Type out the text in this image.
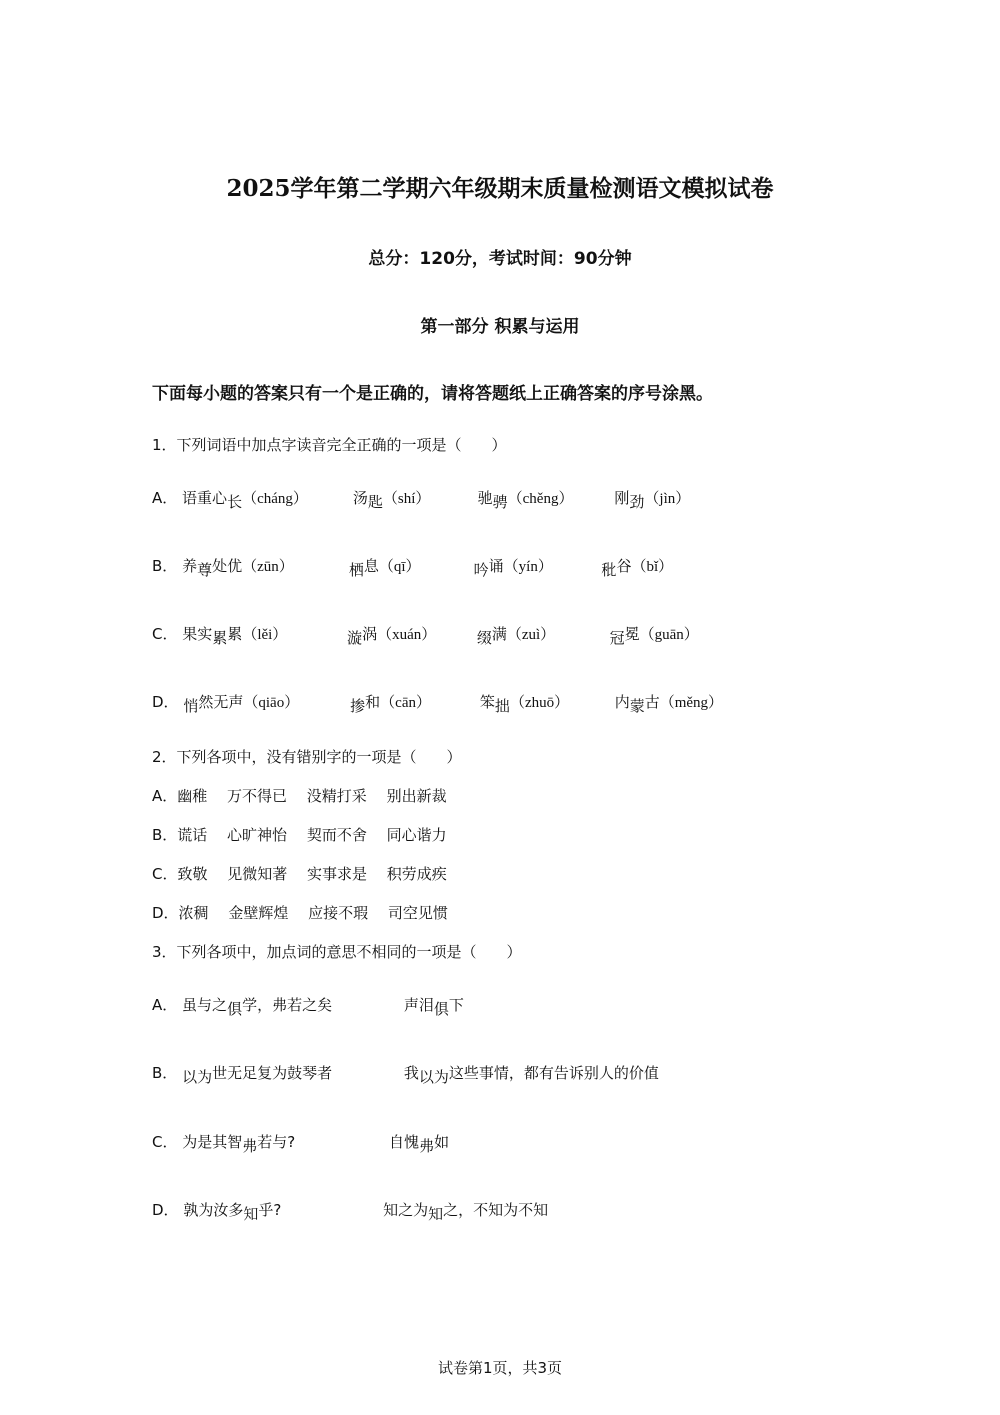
2025学年第二学期六年级期末质量检测语文模拟试卷
总分：120分，考试时间：90分钟
第一部分 积累与运用
下面每小题的答案只有一个是正确的，请将答题纸上正确答案的序号涂黑。
1．下列词语中加点字读音完全正确的一项是（　　）
A． 语重心长（cháng）	汤匙（shí）	驰骋（chěng）	刚劲（jìn）
B． 养尊处优（zūn）	栖息（qī）	吟诵（yín）	秕谷（bǐ）
C． 果实累累（lěi）	漩涡（xuán）	缀满（zuì）	冠冕（guān）
D． 悄然无声（qiāo）	掺和（cān）	笨拙（zhuō）	内蒙古（měng）
2．下列各项中，没有错别字的一项是（　　）
A．幽稚　 万不得已　 没精打采　 别出新裁
B．谎话　 心旷神怡　 契而不舍　 同心谐力
C．致敬　 见微知著　 实事求是　 积劳成疾
D．浓稠　 金壁辉煌　 应接不瑕　 司空见惯
3．下列各项中，加点词的意思不相同的一项是（　　）
A． 虽与之俱学，弗若之矣	声泪俱下
B． 以为世无足复为鼓琴者	我以为这些事情，都有告诉别人的价值
C． 为是其智弗若与?	自愧弗如
D． 孰为汝多知乎?	知之为知之，不知为不知
试卷第1页，共3页
